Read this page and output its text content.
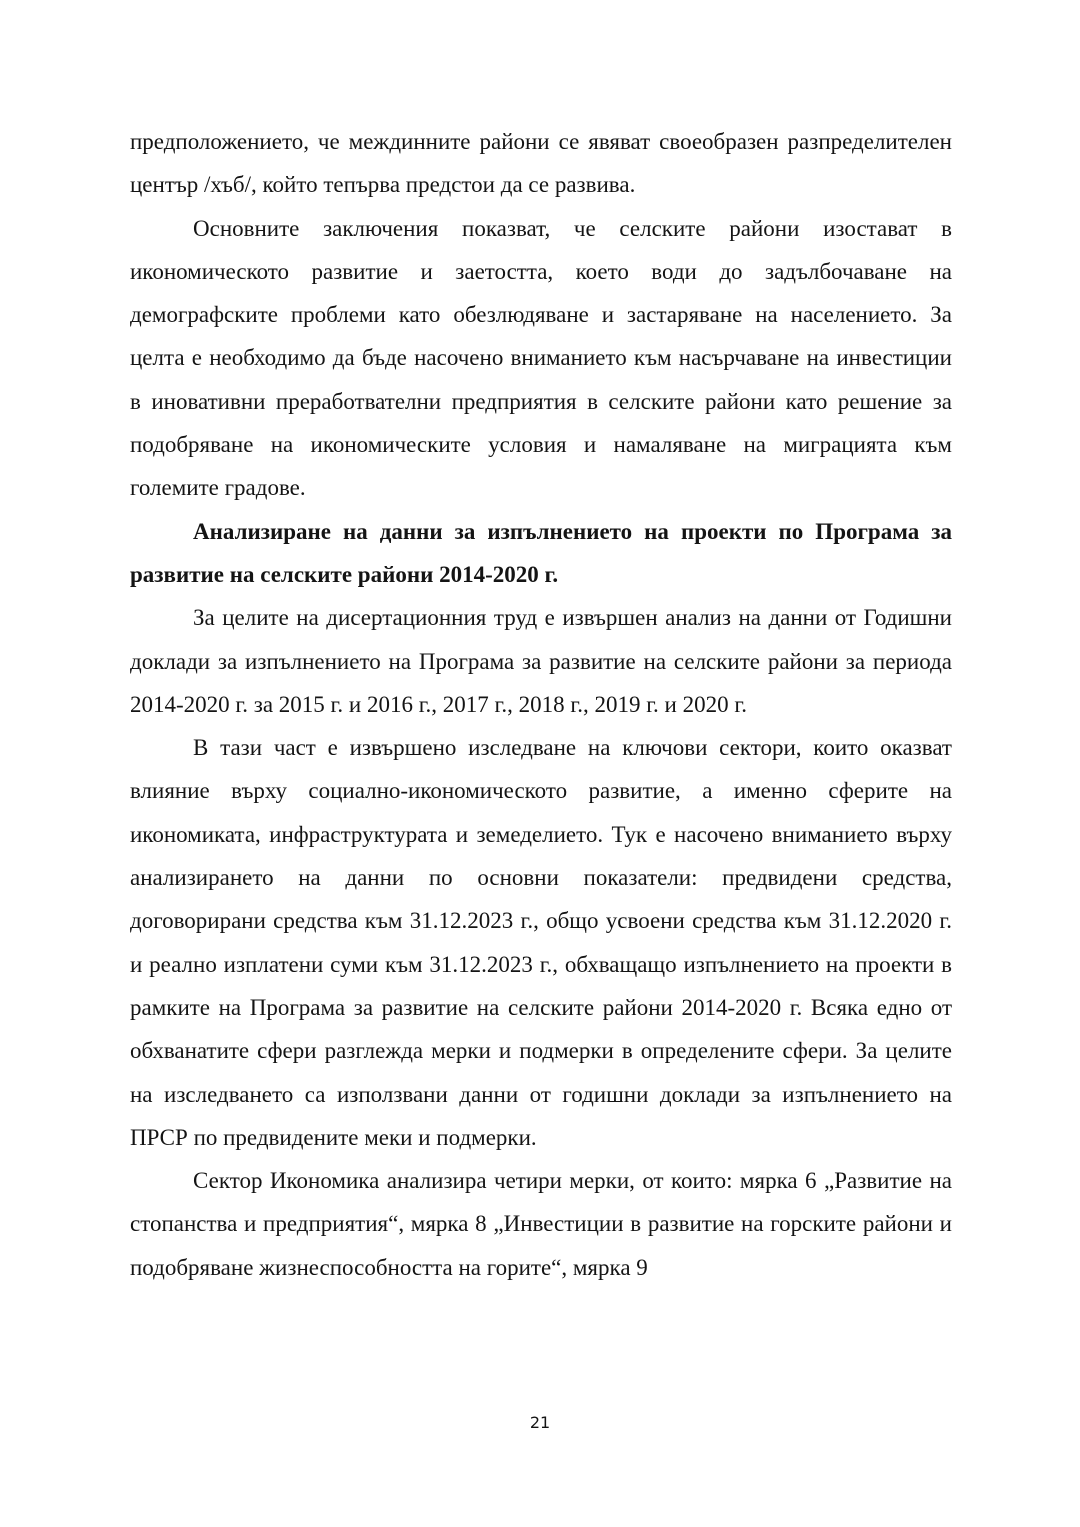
предположението, че междинните райони се явяват своеобразен разпределителен център /хъб/, който тепърва предстои да се развива.

Основните заключения показват, че селските райони изостават в икономическото развитие и заетостта, което води до задълбочаване на демографските проблеми като обезлюдяване и застаряване на населението. За целта е необходимо да бъде насочено вниманието към насърчаване на инвестиции в иновативни преработвателни предприятия в селските райони като решение за подобряване на икономическите условия и намаляване на миграцията към големите градове.

Анализиране на данни за изпълнението на проекти по Програма за развитие на селските райони 2014-2020 г.

За целите на дисертационния труд е извършен анализ на данни от Годишни доклади за изпълнението на Програма за развитие на селските райони за периода 2014-2020 г. за 2015 г. и 2016 г., 2017 г., 2018 г., 2019 г. и 2020 г.

В тази част е извършено изследване на ключови сектори, които оказват влияние върху социално-икономическото развитие, а именно сферите на икономиката, инфраструктурата и земеделието. Тук е насочено вниманието върху анализирането на данни по основни показатели: предвидени средства, договорирани средства към 31.12.2023 г., общо усвоени средства към 31.12.2020 г. и реално изплатени суми към 31.12.2023 г., обхващащо изпълнението на проекти в рамките на Програма за развитие на селските райони 2014-2020 г. Всяка едно от обхванатите сфери разглежда мерки и подмерки в определените сфери. За целите на изследването са използвани данни от годишни доклади за изпълнението на ПРСР по предвидените меки и подмерки.

Сектор Икономика анализира четири мерки, от които: мярка 6 „Развитие на стопанства и предприятия“, мярка 8 „Инвестиции в развитие на горските райони и подобряване жизнеспособността на горите“, мярка 9

21
